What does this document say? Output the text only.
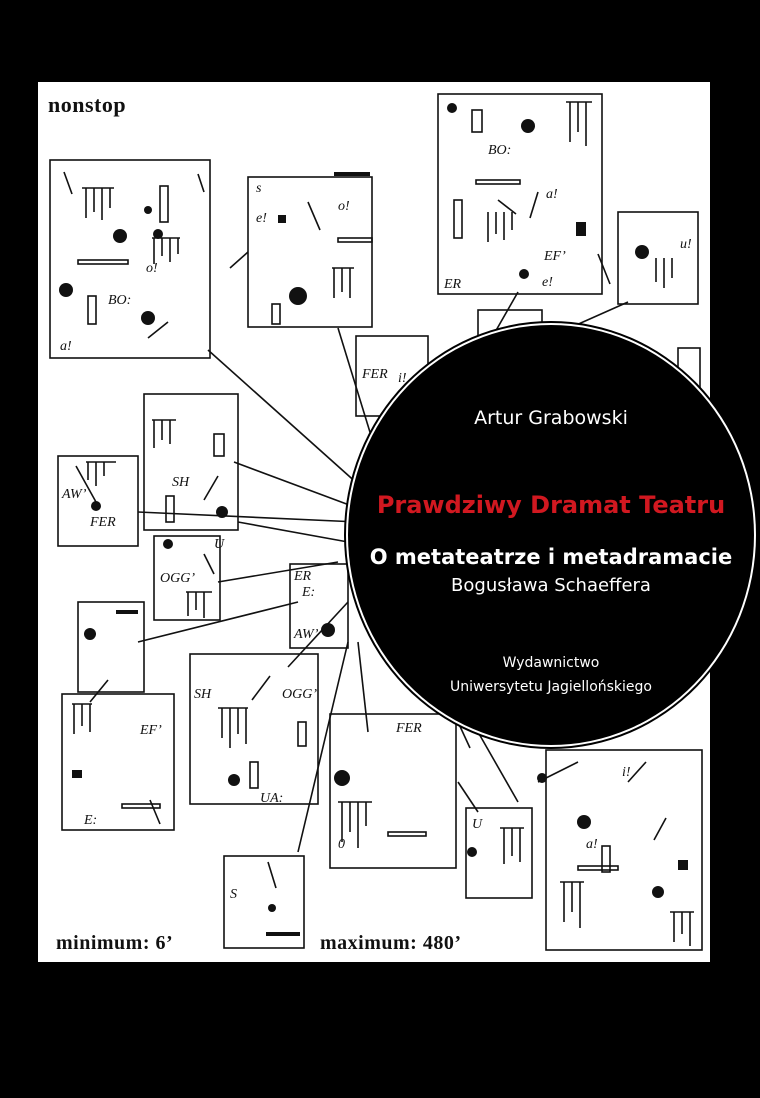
BO:
o!
a!
s
e!
o!
BO:
a!
EF’
e!
ER
u!
AW’
FER
SH
FER i!
U
OGG’	ER
E:
AW’
SH	OGG’
UA:
EF’
E:
FER
U
0
i!
a!
S
nonstop
minimum: 6’	maximum: 480’
Artur Grabowski
Prawdziwy Dramat Teatru
O metateatrze i metadramacie
Bogusława Schaeffera
Wydawnictwo
Uniwersytetu Jagiellońskiego
